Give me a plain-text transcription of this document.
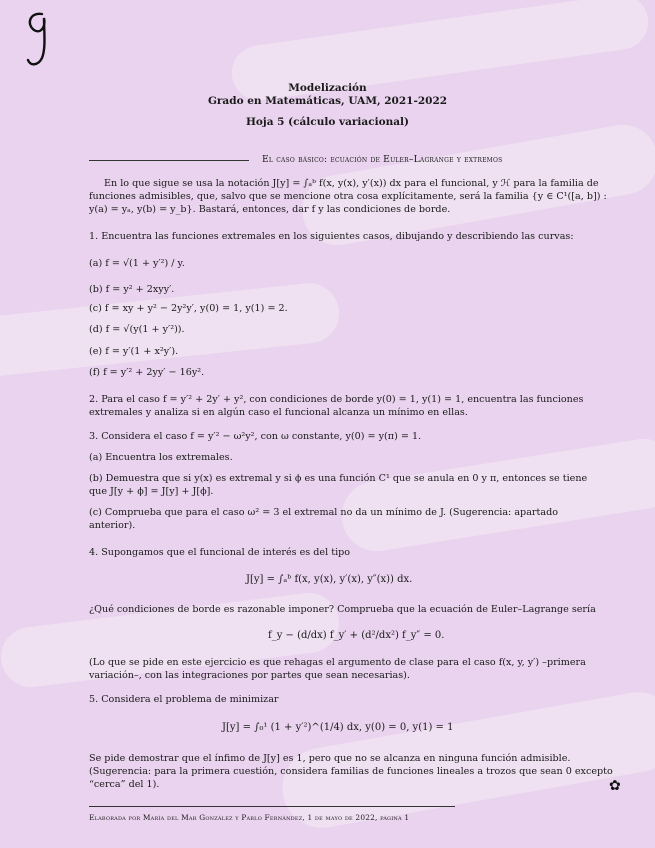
Modelización
Grado en Matemáticas, UAM, 2021-2022
Hoja 5 (cálculo variacional)
El caso básico: ecuación de Euler–Lagrange y extremos
En lo que sigue se usa la notación J[y] = ∫ₐᵇ f(x, y(x), y′(x)) dx para el funcional, y ℋ para la familia de
funciones admisibles, que, salvo que se mencione otra cosa explícitamente, será la familia {y ∈ C¹([a, b]) :
y(a) = yₐ, y(b) = y_b}. Bastará, entonces, dar f y las condiciones de borde.
1. Encuentra las funciones extremales en los siguientes casos, dibujando y describiendo las curvas:
(a) f = √(1 + y′²) / y.
(b) f = y² + 2xyy′.
(c) f = xy + y² − 2y²y′, y(0) = 1, y(1) = 2.
(d) f = √(y(1 + y′²)).
(e) f = y′(1 + x²y′).
(f) f = y′² + 2yy′ − 16y².
2. Para el caso f = y′² + 2y′ + y², con condiciones de borde y(0) = 1, y(1) = 1, encuentra las funciones
extremales y analiza si en algún caso el funcional alcanza un mínimo en ellas.
3. Considera el caso f = y′² − ω²y², con ω constante, y(0) = y(π) = 1.
(a) Encuentra los extremales.
(b) Demuestra que si y(x) es extremal y si ϕ es una función C¹ que se anula en 0 y π, entonces se tiene
que J[y + ϕ] = J[y] + J[ϕ].
(c) Comprueba que para el caso ω² = 3 el extremal no da un mínimo de J. (Sugerencia: apartado
anterior).
4. Supongamos que el funcional de interés es del tipo
J[y] = ∫ₐᵇ f(x, y(x), y′(x), y″(x)) dx.
¿Qué condiciones de borde es razonable imponer? Comprueba que la ecuación de Euler–Lagrange sería
f_y − (d/dx) f_y′ + (d²/dx²) f_y″ = 0.
(Lo que se pide en este ejercicio es que rehagas el argumento de clase para el caso f(x, y, y′) –primera
variación–, con las integraciones por partes que sean necesarias).
5. Considera el problema de minimizar
J[y] = ∫₀¹ (1 + y′²)^(1/4) dx, y(0) = 0, y(1) = 1
Se pide demostrar que el ínfimo de J[y] es 1, pero que no se alcanza en ninguna función admisible.
(Sugerencia: para la primera cuestión, considera familias de funciones lineales a trozos que sean 0 excepto
“cerca” del 1).	✿
Elaborada por María del Mar González y Pablo Fernández, 1 de mayo de 2022, página 1
